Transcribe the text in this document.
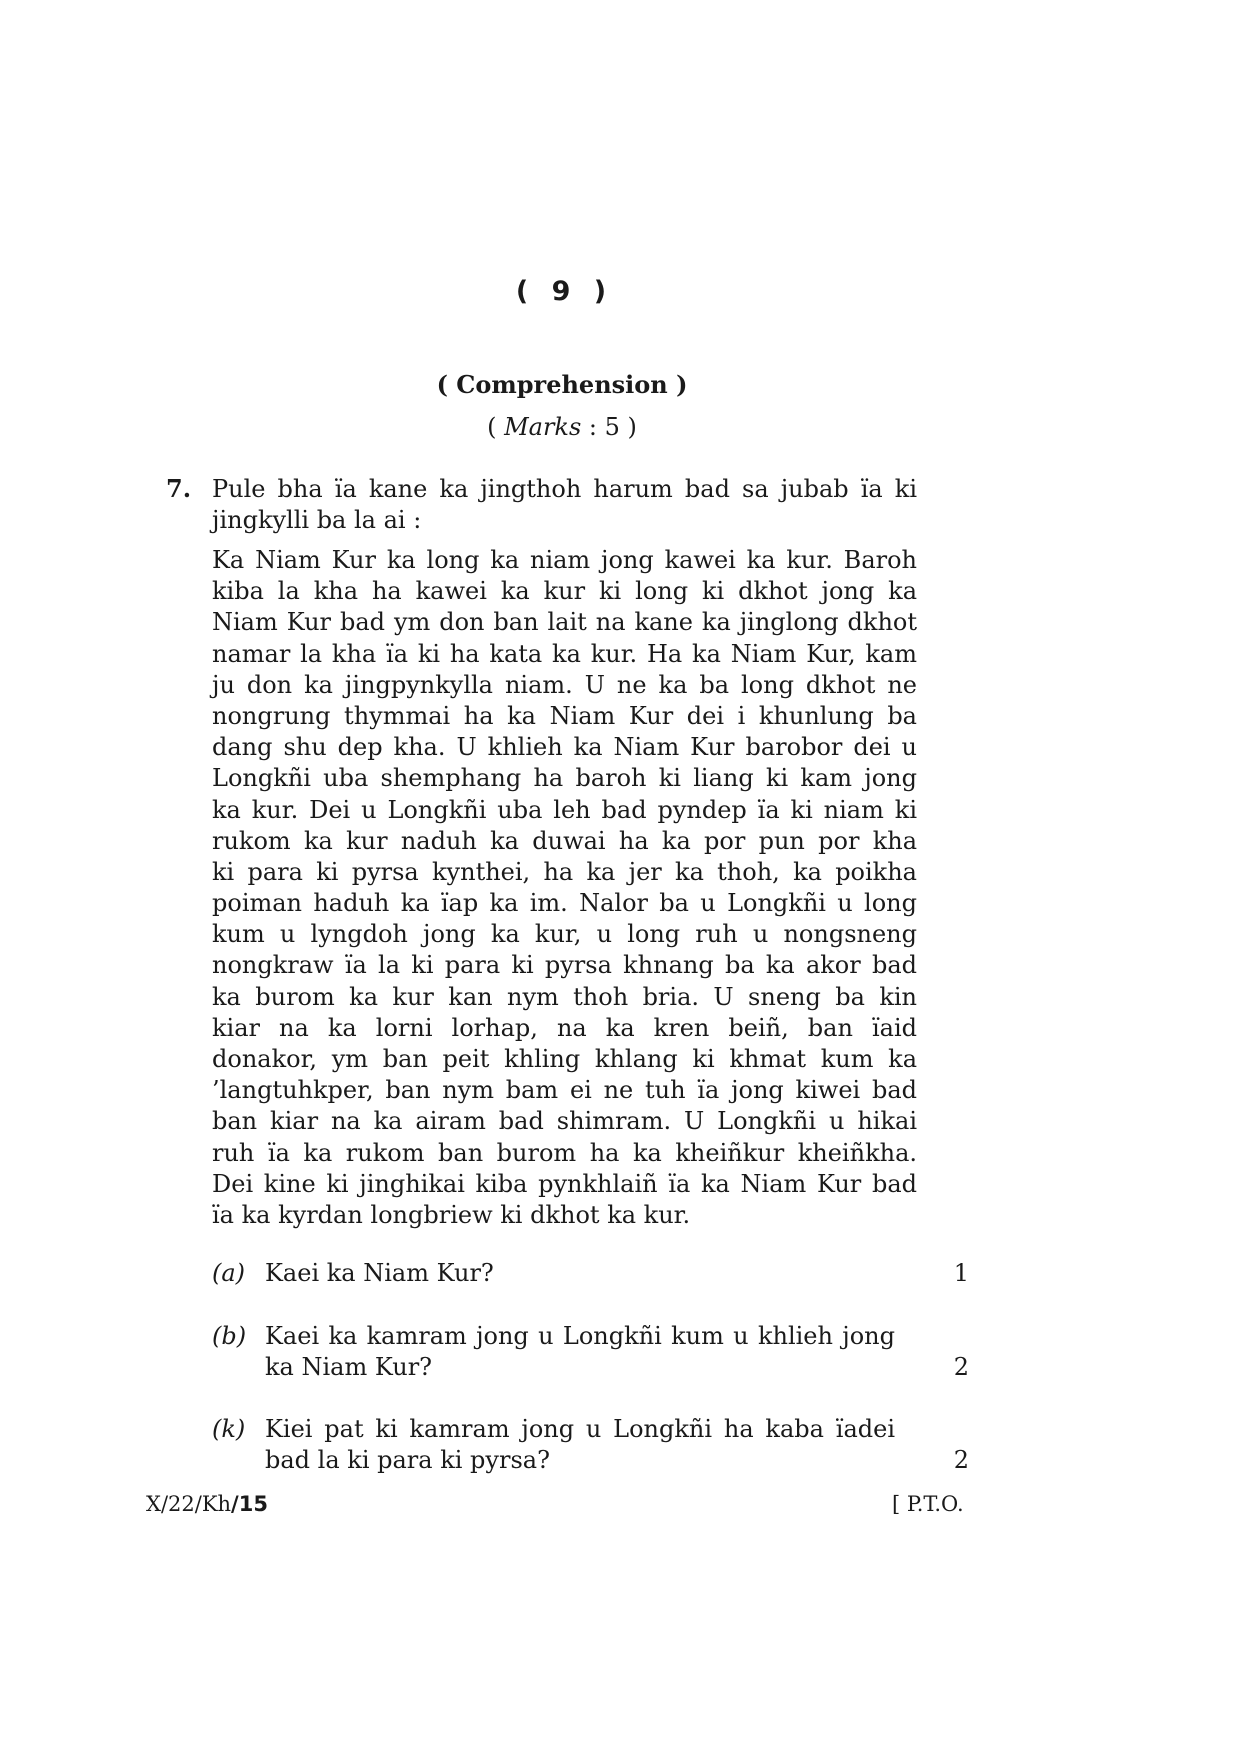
( 9 )
( Comprehension )
( Marks : 5 )
7. Pule bha ïa kane ka jingthoh harum bad sa jubab ïa ki jingkylli ba la ai :
Ka Niam Kur ka long ka niam jong kawei ka kur. Baroh
kiba la kha ha kawei ka kur ki long ki dkhot jong ka
Niam Kur bad ym don ban lait na kane ka jinglong dkhot
namar la kha ïa ki ha kata ka kur. Ha ka Niam Kur, kam
ju don ka jingpynkylla niam. U ne ka ba long dkhot ne
nongrung thymmai ha ka Niam Kur dei i khunlung ba
dang shu dep kha. U khlieh ka Niam Kur barobor dei u
Longkñi uba shemphang ha baroh ki liang ki kam jong
ka kur. Dei u Longkñi uba leh bad pyndep ïa ki niam ki
rukom ka kur naduh ka duwai ha ka por pun por kha
ki para ki pyrsa kynthei, ha ka jer ka thoh, ka poikha
poiman haduh ka ïap ka im. Nalor ba u Longkñi u long
kum u lyngdoh jong ka kur, u long ruh u nongsneng
nongkraw ïa la ki para ki pyrsa khnang ba ka akor bad
ka burom ka kur kan nym thoh bria. U sneng ba kin
kiar na ka lorni lorhap, na ka kren beiñ, ban ïaid
donakor, ym ban peit khling khlang ki khmat kum ka
’langtuhkper, ban nym bam ei ne tuh ïa jong kiwei bad
ban kiar na ka airam bad shimram. U Longkñi u hikai
ruh ïa ka rukom ban burom ha ka kheiñkur kheiñkha.
Dei kine ki jinghikai kiba pynkhlaiñ ïa ka Niam Kur bad
ïa ka kyrdan longbriew ki dkhot ka kur.
(a) Kaei ka Niam Kur?	1
(b) Kaei ka kamram jong u Longkñi kum u khlieh jong ka Niam Kur?	2
(k) Kiei pat ki kamram jong u Longkñi ha kaba ïadei bad la ki para ki pyrsa?	2
X/22/Kh/15	[ P.T.O.
